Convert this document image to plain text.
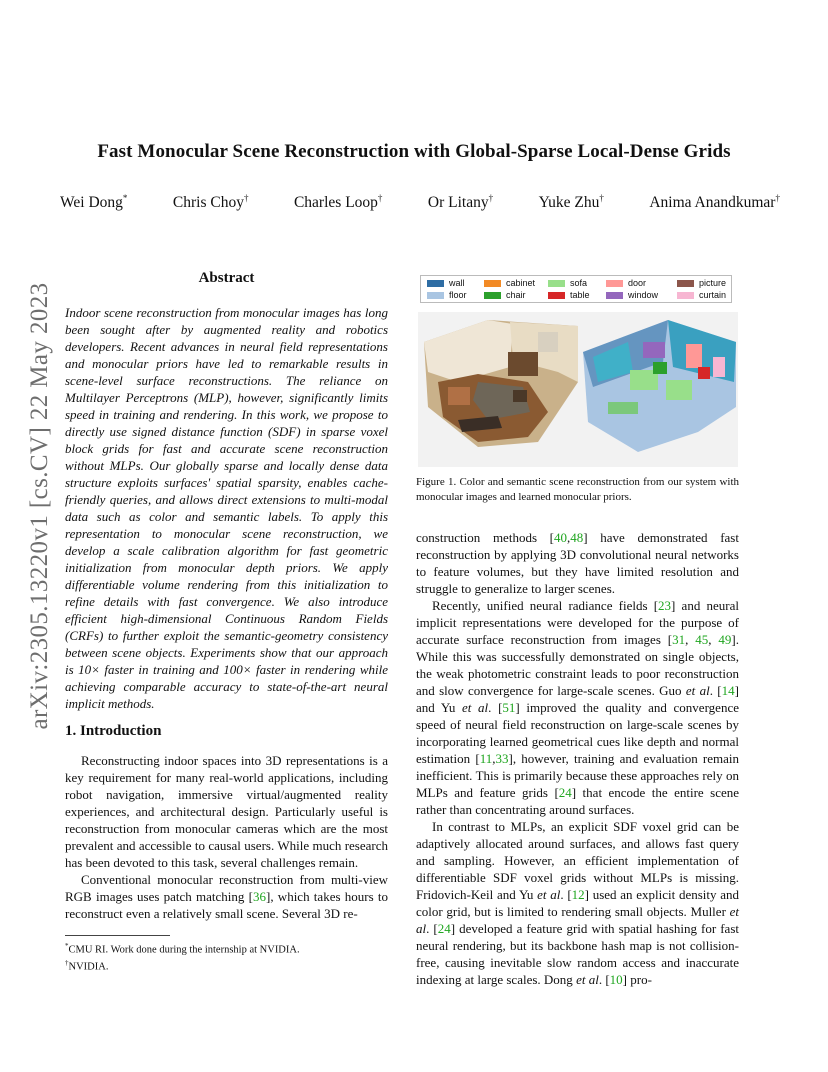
Fast Monocular Scene Reconstruction with Global-Sparse Local-Dense Grids
Wei Dong*	Chris Choy†	Charles Loop†	Or Litany†	Yuke Zhu†	Anima Anandkumar†
arXiv:2305.13220v1 [cs.CV] 22 May 2023
Abstract
Indoor scene reconstruction from monocular images has long been sought after by augmented reality and robotics developers. Recent advances in neural field representations and monocular priors have led to remarkable results in scene-level surface reconstructions. The reliance on Multilayer Perceptrons (MLP), however, significantly limits speed in training and rendering. In this work, we propose to directly use signed distance function (SDF) in sparse voxel block grids for fast and accurate scene reconstruction without MLPs. Our globally sparse and locally dense data structure exploits surfaces' spatial sparsity, enables cache-friendly queries, and allows direct extensions to multi-modal data such as color and semantic labels. To apply this representation to monocular scene reconstruction, we develop a scale calibration algorithm for fast geometric initialization from monocular depth priors. We apply differentiable volume rendering from this initialization to refine details with fast convergence. We also introduce efficient high-dimensional Continuous Random Fields (CRFs) to further exploit the semantic-geometry consistency between scene objects. Experiments show that our approach is 10× faster in training and 100× faster in rendering while achieving comparable accuracy to state-of-the-art neural implicit methods.
1. Introduction

Reconstructing indoor spaces into 3D representations is a key requirement for many real-world applications, including robot navigation, immersive virtual/augmented reality experiences, and architectural design. Particularly useful is reconstruction from monocular cameras which are the most prevalent and accessible to causal users. While much research has been devoted to this task, several challenges remain.

Conventional monocular reconstruction from multi-view RGB images uses patch matching [36], which takes hours to reconstruct even a relatively small scene. Several 3D re-

*CMU RI. Work done during the internship at NVIDIA.
†NVIDIA.
wall
floor
cabinet
chair
sofa
table
door
window
picture
curtain
Figure 1. Color and semantic scene reconstruction from our system with monocular images and learned monocular priors.

construction methods [40,48] have demonstrated fast reconstruction by applying 3D convolutional neural networks to feature volumes, but they have limited resolution and struggle to generalize to larger scenes.

Recently, unified neural radiance fields [23] and neural implicit representations were developed for the purpose of accurate surface reconstruction from images [31, 45, 49]. While this was successfully demonstrated on single objects, the weak photometric constraint leads to poor reconstruction and slow convergence for large-scale scenes. Guo et al. [14] and Yu et al. [51] improved the quality and convergence speed of neural field reconstruction on large-scale scenes by incorporating learned geometrical cues like depth and normal estimation [11,33], however, training and evaluation remain inefficient. This is primarily because these approaches rely on MLPs and feature grids [24] that encode the entire scene rather than concentrating around surfaces.

In contrast to MLPs, an explicit SDF voxel grid can be adaptively allocated around surfaces, and allows fast query and sampling. However, an efficient implementation of differentiable SDF voxel grids without MLPs is missing. Fridovich-Keil and Yu et al. [12] used an explicit density and color grid, but is limited to rendering small objects. Muller et al. [24] developed a feature grid with spatial hashing for fast neural rendering, but its backbone hash map is not collision-free, causing inevitable slow random access and inaccurate indexing at large scales. Dong et al. [10] pro-
